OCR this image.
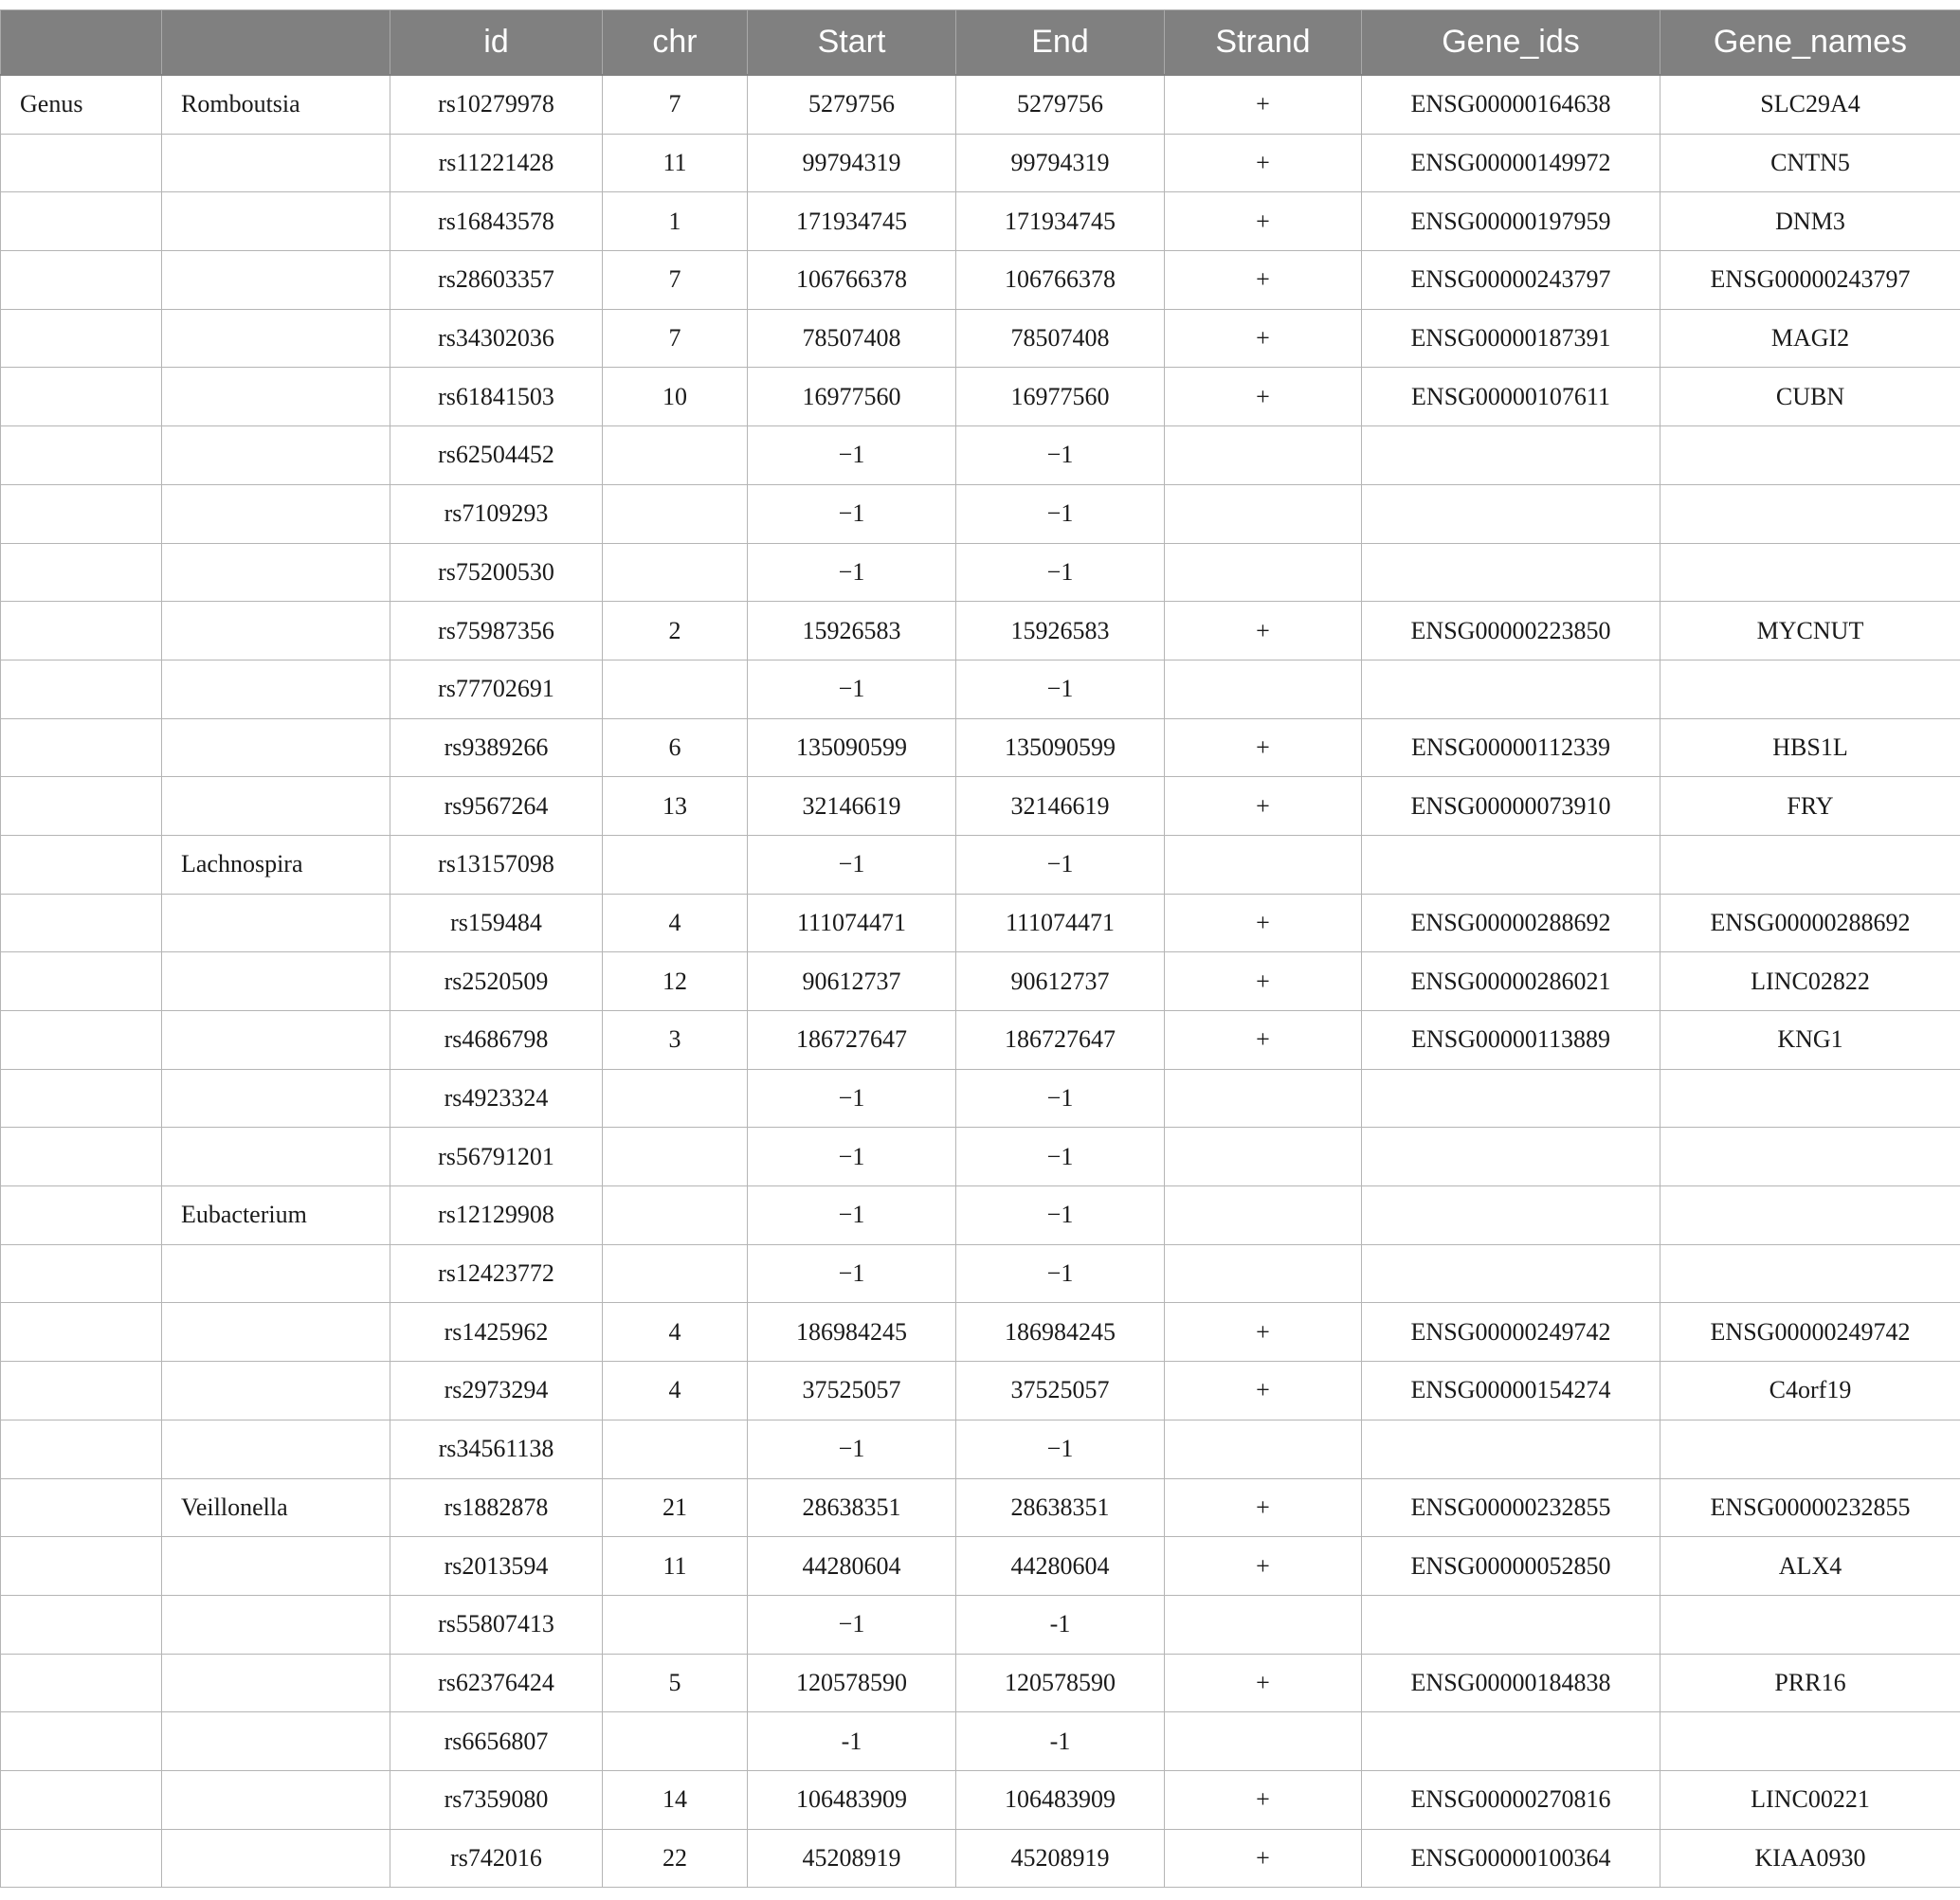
		id	chr	Start	End	Strand	Gene_ids	Gene_names
Genus	Romboutsia	rs10279978	7	5279756	5279756	+	ENSG00000164638	SLC29A4
		rs11221428	11	99794319	99794319	+	ENSG00000149972	CNTN5
		rs16843578	1	171934745	171934745	+	ENSG00000197959	DNM3
		rs28603357	7	106766378	106766378	+	ENSG00000243797	ENSG00000243797
		rs34302036	7	78507408	78507408	+	ENSG00000187391	MAGI2
		rs61841503	10	16977560	16977560	+	ENSG00000107611	CUBN
		rs62504452		−1	−1			
		rs7109293		−1	−1			
		rs75200530		−1	−1			
		rs75987356	2	15926583	15926583	+	ENSG00000223850	MYCNUT
		rs77702691		−1	−1			
		rs9389266	6	135090599	135090599	+	ENSG00000112339	HBS1L
		rs9567264	13	32146619	32146619	+	ENSG00000073910	FRY
	Lachnospira	rs13157098		−1	−1			
		rs159484	4	111074471	111074471	+	ENSG00000288692	ENSG00000288692
		rs2520509	12	90612737	90612737	+	ENSG00000286021	LINC02822
		rs4686798	3	186727647	186727647	+	ENSG00000113889	KNG1
		rs4923324		−1	−1			
		rs56791201		−1	−1			
	Eubacterium	rs12129908		−1	−1			
		rs12423772		−1	−1			
		rs1425962	4	186984245	186984245	+	ENSG00000249742	ENSG00000249742
		rs2973294	4	37525057	37525057	+	ENSG00000154274	C4orf19
		rs34561138		−1	−1			
	Veillonella	rs1882878	21	28638351	28638351	+	ENSG00000232855	ENSG00000232855
		rs2013594	11	44280604	44280604	+	ENSG00000052850	ALX4
		rs55807413		−1	-1			
		rs62376424	5	120578590	120578590	+	ENSG00000184838	PRR16
		rs6656807		-1	-1			
		rs7359080	14	106483909	106483909	+	ENSG00000270816	LINC00221
		rs742016	22	45208919	45208919	+	ENSG00000100364	KIAA0930
